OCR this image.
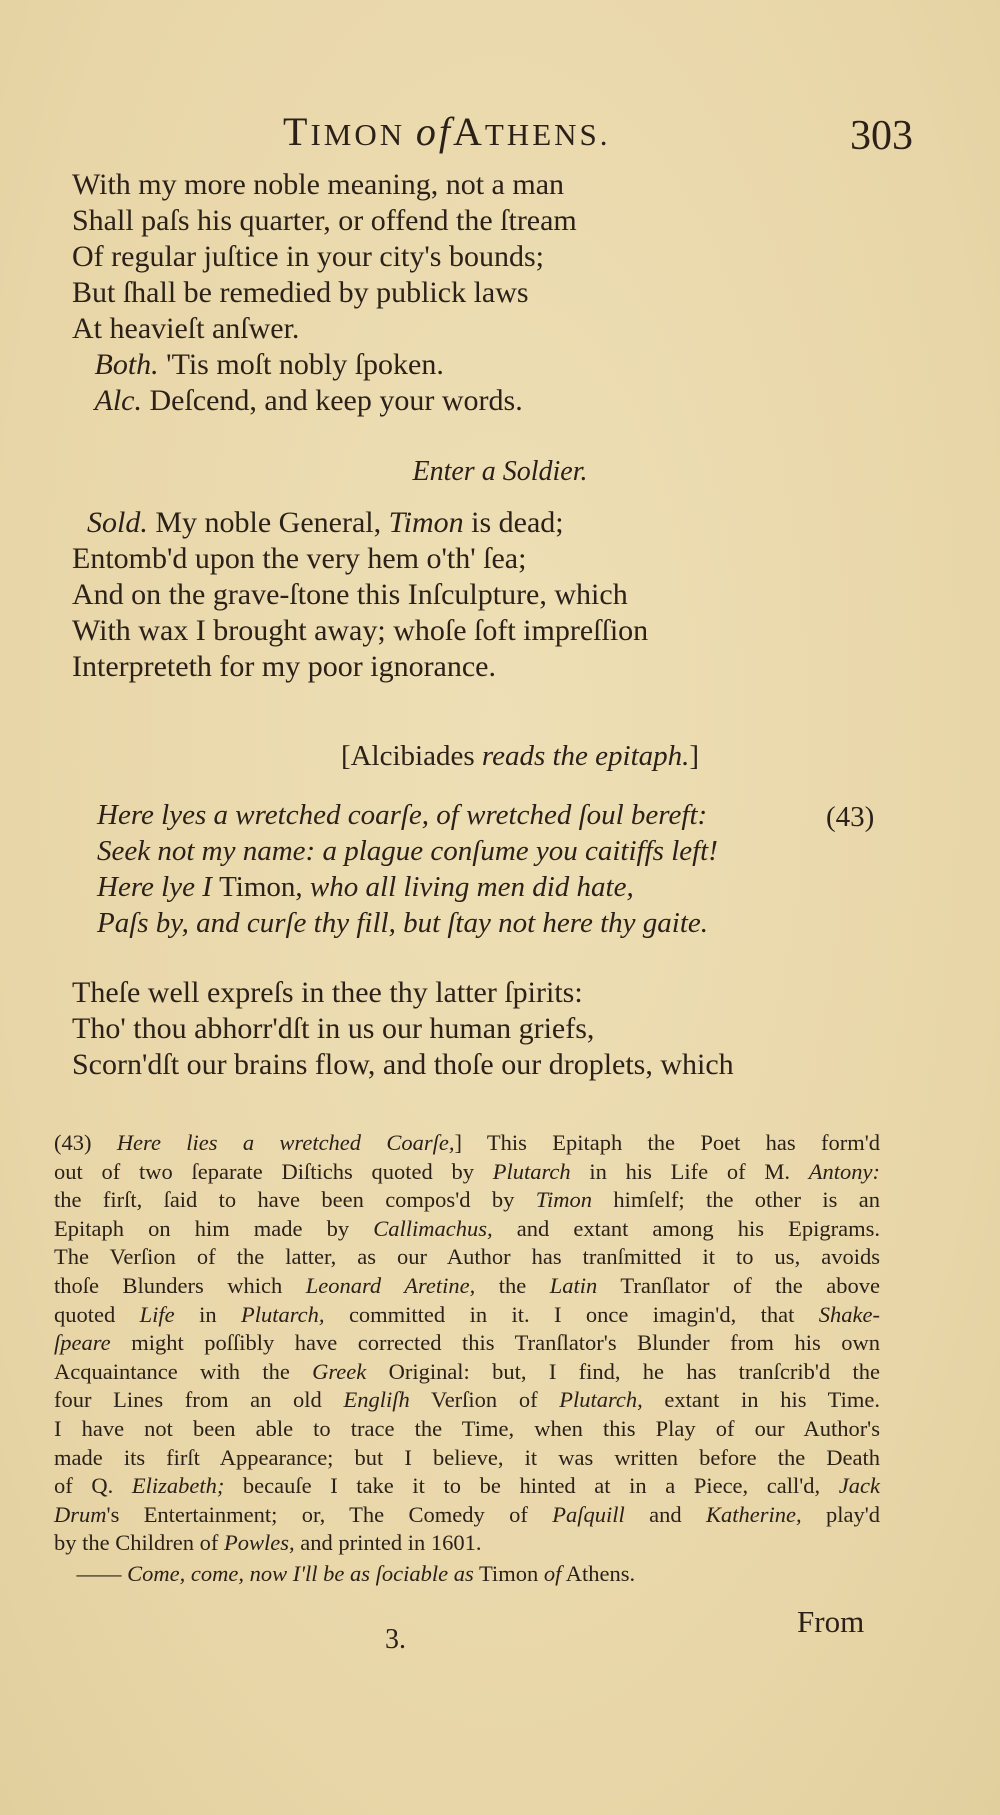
TIMON ofATHENS.	303
With my more noble meaning, not a man
Shall paſs his quarter, or offend the ſtream
Of regular juſtice in your city's bounds;
But ſhall be remedied by publick laws
At heavieſt anſwer.
Both. 'Tis moſt nobly ſpoken.
Alc. Deſcend, and keep your words.
Enter a Soldier.
Sold. My noble General, Timon is dead;
Entomb'd upon the very hem o'th' ſea;
And on the grave-ſtone this Inſculpture, which
With wax I brought away; whoſe ſoft impreſſion
Interpreteth for my poor ignorance.
[Alcibiades reads the epitaph.]
Here lyes a wretched coarſe, of wretched ſoul bereft:
Seek not my name: a plague conſume you caitiffs left!
Here lye I Timon, who all living men did hate,
Paſs by, and curſe thy fill, but ſtay not here thy gaite.
Theſe well expreſs in thee thy latter ſpirits:
Tho' thou abhorr'dſt in us our human griefs,
Scorn'dſt our brains flow, and thoſe our droplets, which
(43) Here lies a wretched Coarſe,] This Epitaph the Poet has form'd
out of two ſeparate Diſtichs quoted by Plutarch in his Life of M. Antony:
the firſt, ſaid to have been compos'd by Timon himſelf; the other is an
Epitaph on him made by Callimachus, and extant among his Epigrams.
The Verſion of the latter, as our Author has tranſmitted it to us, avoids
thoſe Blunders which Leonard Aretine, the Latin Tranſlator of the above
quoted Life in Plutarch, committed in it. I once imagin'd, that Shake-
ſpeare might poſſibly have corrected this Tranſlator's Blunder from his own
Acquaintance with the Greek Original: but, I find, he has tranſcrib'd the
four Lines from an old Engliſh Verſion of Plutarch, extant in his Time.
I have not been able to trace the Time, when this Play of our Author's
made its firſt Appearance; but I believe, it was written before the Death
of Q. Elizabeth; becauſe I take it to be hinted at in a Piece, call'd, Jack
Drum's Entertainment; or, The Comedy of Paſquill and Katherine, play'd
by the Children of Powles, and printed in 1601.
—— Come, come, now I'll be as ſociable as Timon of Athens.
3.
From
(43)
